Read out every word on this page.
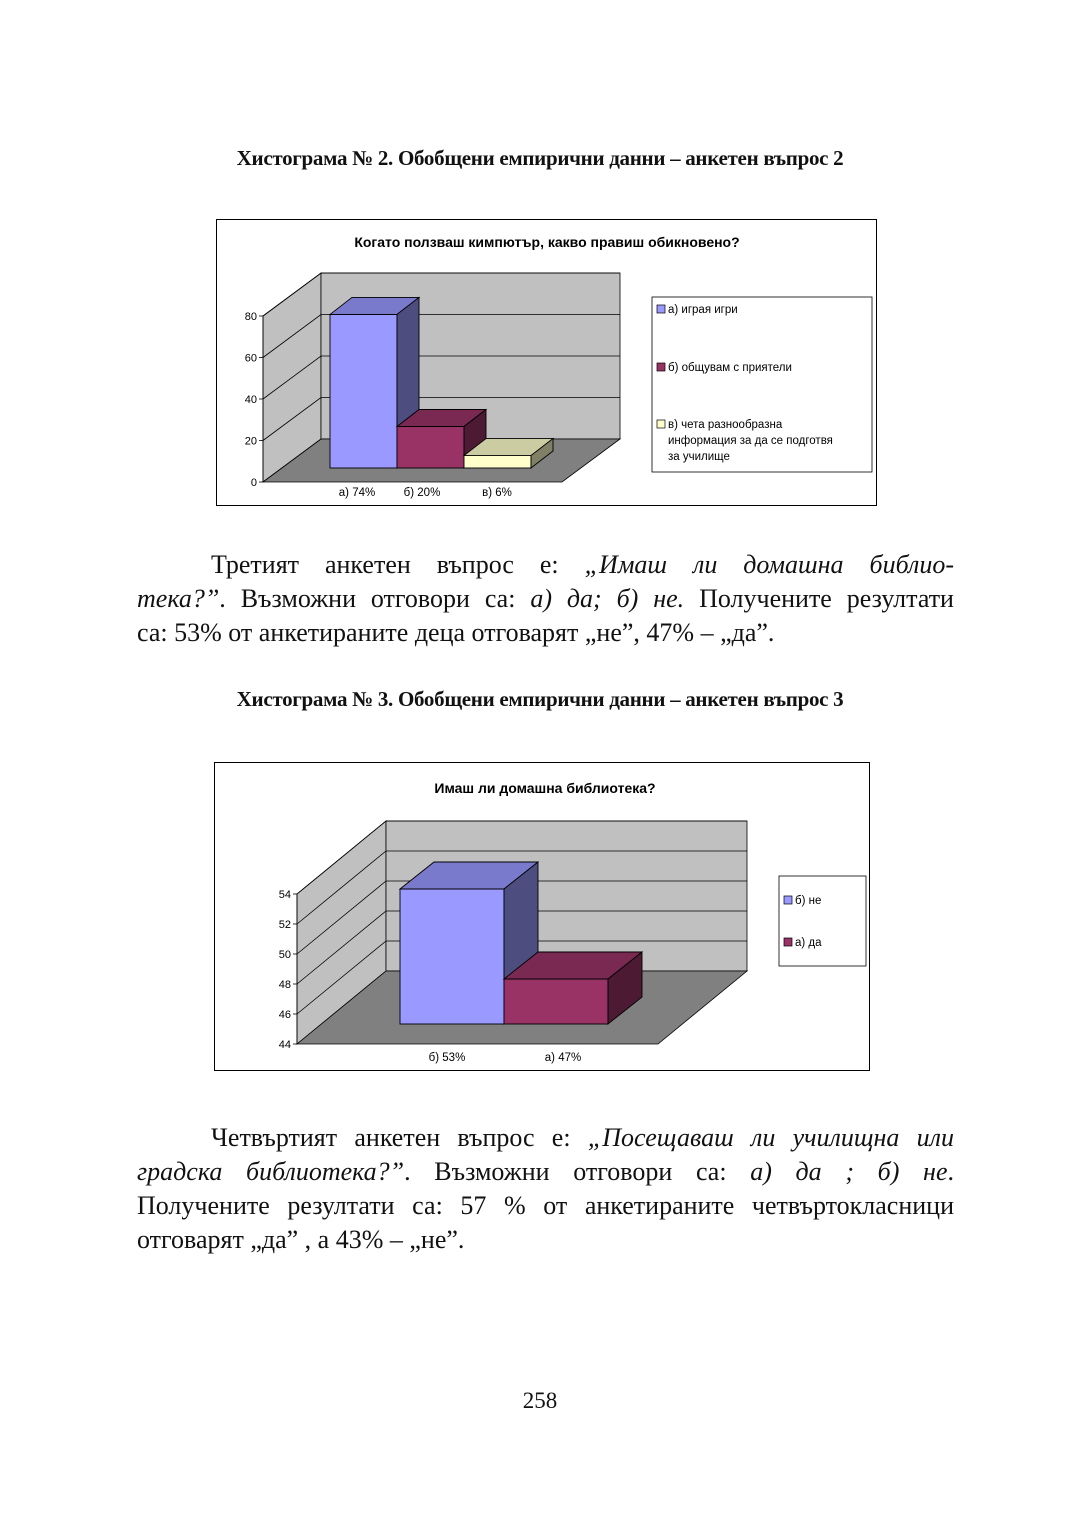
Хистограма № 2. Обобщени емпирични данни – анкетен въпрос 2
Когато ползваш кимпютър, какво правиш обикновено?
0
20
40
60
80
а) 74% б) 20%	в) 6%
а) играя игри
б) общувам с приятели
в) чета разнообразна информация за да се подготвя за училище
Третият анкетен въпрос е: „Имаш ли домашна библио-
тека?”. Възможни отговори са: а) да; б) не. Получените резултати
са: 53% от анкетираните деца отговарят „не”, 47% – „да”.
Хистограма № 3. Обобщени емпирични данни – анкетен въпрос 3
Имаш ли домашна библиотека?
44
46
48
50
52
54
б) 53%	а) 47%
б) не
а) да
Четвъртият анкетен въпрос е: „Посещаваш ли училищна или
градска библиотека?”. Възможни отговори са: а) да ; б) не.
Получените резултати са: 57 % от анкетираните четвъртокласници
отговарят „да” , а 43% – „не”.
258
